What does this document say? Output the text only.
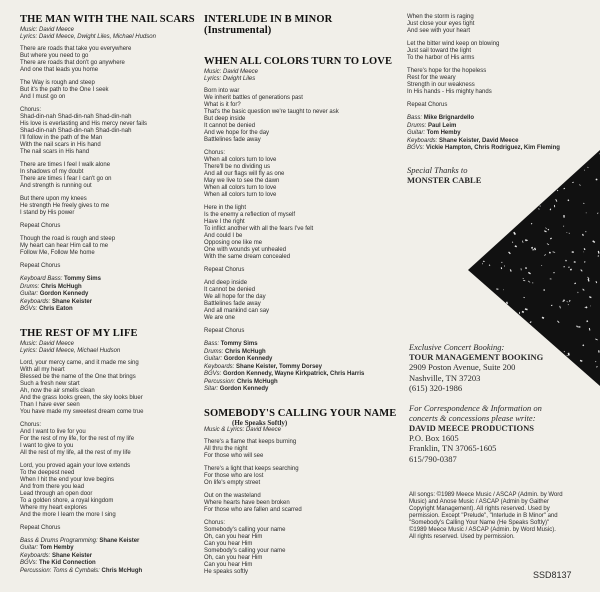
THE MAN WITH THE NAIL SCARS

Music: David Meece

Lyrics: David Meece, Dwight Liles, Michael Hudson

There are roads that take you everywhere

But where you need to go

There are roads that don't go anywhere

And one that leads you home

The Way is rough and steep

But it's the path to the One I seek

And I must go on

Chorus:

Shad-din-nah Shad-din-nah Shad-din-nah

His love is everlasting and His mercy never fails

Shad-din-nah Shad-din-nah Shad-din-nah

I'll follow in the path of the Man

With the nail scars in His hand

The nail scars in His hand

There are times I feel I walk alone

In shadows of my doubt

There are times I fear I can't go on

And strength is running out

But there upon my knees

He strength He freely gives to me

I stand by His power

Repeat Chorus

Though the road is rough and steep

My heart can hear Him call to me

Follow Me, Follow Me home

Repeat Chorus

Keyboard Bass: Tommy Sims

Drums: Chris McHugh

Guitar: Gordon Kennedy

Keyboards: Shane Keister

BGVs: Chris Eaton

THE REST OF MY LIFE

Music: David Meece

Lyrics: David Meece, Michael Hudson

Lord, your mercy came, and it made me sing

With all my heart

Blessed be the name of the One that brings

Such a fresh new start

Ah, now the air smells clean

And the grass looks green, the sky looks bluer

Than I have ever seen

You have made my sweetest dream come true

Chorus:

And I want to live for you

For the rest of my life, for the rest of my life

I want to give to you

All the rest of my life, all the rest of my life

Lord, you proved again your love extends

To the deepest need

When I hit the end your love begins

And from there you lead

Lead through an open door

To a golden shore, a royal kingdom

Where my heart explores

And the more I learn the more I sing

Repeat Chorus

Bass & Drums Programming: Shane Keister

Guitar: Tom Hemby

Keyboards: Shane Keister

BGVs: The Kid Connection

Percussion: Toms & Cymbals: Chris McHugh

INTERLUDE IN B MINOR (Instrumental)

WHEN ALL COLORS TURN TO LOVE

Music: David Meece

Lyrics: Dwight Liles

Born into war

We inherit battles of generations past

What is it for?

That's the basic question we're taught to never ask

But deep inside

It cannot be denied

And we hope for the day

Battlelines fade away

Chorus:

When all colors turn to love

There'll be no dividing us

And all our flags will fly as one

May we live to see the dawn

When all colors turn to love

When all colors turn to love

Here in the light

Is the enemy a reflection of myself

Have I the right

To inflict another with all the fears I've felt

And could I be

Opposing one like me

One with wounds yet unhealed

With the same dream concealed

Repeat Chorus

And deep inside

It cannot be denied

We all hope for the day

Battlelines fade away

And all mankind can say

We are one

Repeat Chorus

Bass: Tommy Sims

Drums: Chris McHugh

Guitar: Gordon Kennedy

Keyboards: Shane Keister, Tommy Dorsey

BGVs: Gordon Kennedy, Wayne Kirkpatrick, Chris Harris

Percussion: Chris McHugh

Sitar: Gordon Kennedy

SOMEBODY'S CALLING YOUR NAME

(He Speaks Softly)

Music & Lyrics: David Meece

There's a flame that keeps burning

All thru the night

For those who will see

There's a light that keeps searching

For those who are lost

On life's empty street

Out on the wasteland

Where hearts have been broken

For those who are fallen and scarred

Chorus:

Somebody's calling your name

Oh, can you hear Him

Can you hear Him

Somebody's calling your name

Oh, can you hear Him

Can you hear Him

He speaks softly

When the storm is raging

Just close your eyes tight

And see with your heart

Let the bitter wind keep on blowing

Just sail toward the light

To the harbor of His arms

There's hope for the hopeless

Rest for the weary

Strength in our weakness

In His hands - His mighty hands

Repeat Chorus

Bass: Mike Brignardello

Drums: Paul Leim

Guitar: Tom Hemby

Keyboards: Shane Keister, David Meece

BGVs: Vickie Hampton, Chris Rodriguez, Kim Fleming

Special Thanks to

MONSTER CABLE

Exclusive Concert Booking:

TOUR MANAGEMENT BOOKING

2909 Poston Avenue, Suite 200

Nashville, TN 37203

(615) 320-1986

For Correspondence & Information on

concerts & concessions please write:

DAVID MEECE PRODUCTIONS

P.O. Box 1605

Franklin, TN 37065-1605

615/790-0387

All songs: ©1989 Meece Music / ASCAP (Admin. by Word

Music) and Anose Music / ASCAP (Admin by Gaither

Copyright Management). All rights reserved. Used by

permission. Except "Prelude", "Interlude in B Minor" and

"Somebody's Calling Your Name (He Speaks Softly)"

©1989 Meece Music / ASCAP (Admin. by Word Music).

All rights reserved. Used by permission.

SSD8137
